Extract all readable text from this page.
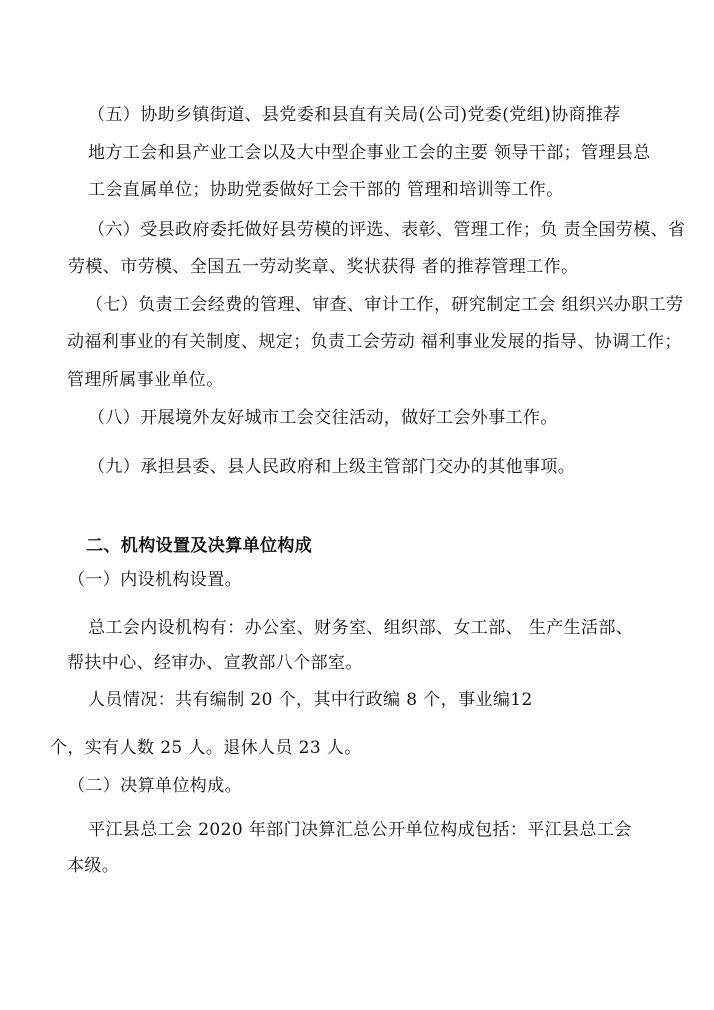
（五）协助乡镇街道、县党委和县直有关局(公司)党委(党组)协商推荐
地方工会和县产业工会以及大中型企事业工会的主要 领导干部；管理县总
工会直属单位；协助党委做好工会干部的 管理和培训等工作。
（六）受县政府委托做好县劳模的评选、表彰、管理工作；负 责全国劳模、省
劳模、市劳模、全国五一劳动奖章、奖状获得 者的推荐管理工作。
（七）负责工会经费的管理、审查、审计工作，研究制定工会 组织兴办职工劳
动福利事业的有关制度、规定；负责工会劳动 福利事业发展的指导、协调工作；
管理所属事业单位。
（八）开展境外友好城市工会交往活动，做好工会外事工作。
（九）承担县委、县人民政府和上级主管部门交办的其他事项。
二、机构设置及决算单位构成
（一）内设机构设置。
总工会内设机构有：办公室、财务室、组织部、女工部、 生产生活部、
帮扶中心、经审办、宣教部八个部室。
人员情况：共有编制 20 个，其中行政编 8 个，事业编12
个，实有人数 25 人。退休人员 23 人。
（二）决算单位构成。
平江县总工会 2020 年部门决算汇总公开单位构成包括：平江县总工会
本级。
